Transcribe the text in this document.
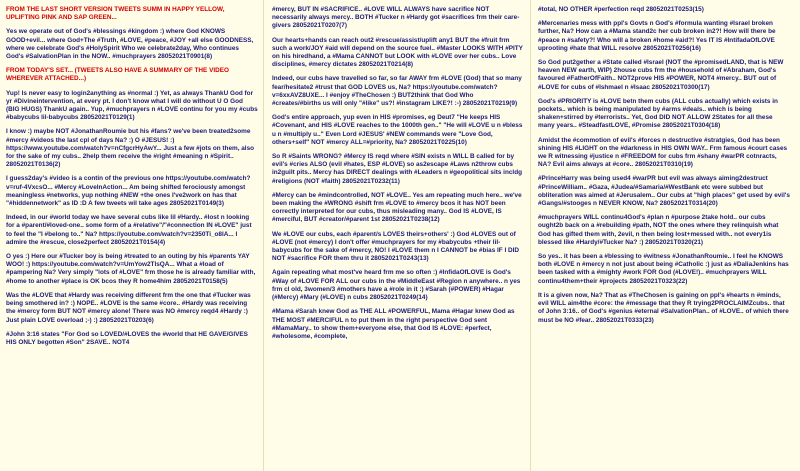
FROM THE LAST SHORT VERSION TWEETS SUMM IN HAPPY YELLOW, UPLIFTING PINK AND SAP GREEN...

Yes we operate out of God's #blessings #kingdom :) where God KNOWS GOOD+evil... where God+The #Truth, #LOVE, #peace, #JOY +all else GOODNESS, where we celebrate God's #HolySpirit Who we celebrate2day, Who continues God's #SalvationPlan in the NOW.. #muchprayers 28052021T0901(8)

FROM TODAY'S SET... (TWEETS ALSO HAVE A SUMMARY OF THE VIDEO WHEREVER ATTACHED...)

Yup! Is never easy to login2anything as #normal :) Yet, as always ThankU God for yr #Divineintervention, at every pt. I don't know what I will do without U O God (BIG HUGS) ThankU again.. Yup, #muchprayers n #LOVE continu for you my #cubs #babycubs lil-babycubs 28052021T0129(1)

I know :) maybe NOT #JonathanRoumie but his #fans? we've been treated2some #mercy #videos the last cpl of days Na? :) O #JESUS! :) https://www.youtube.com/watch?v=nCfgcrHyAwY... Just a few #jots on them, also for the sake of my cubs.. 2help them receive the #right #meaning n #Spirit.. 28052021T0136(2)

I guess2day's #video is a contin of the previous one https://youtube.com/watch?v=ruf-4VxcsO... #Mercy #LoveInAction... Am being shifted ferociously amongst meaningless #networks, yup nothing #NEW +the ones I've2work on has that "#hiddennetwork" as ID :D A few tweets wil take ages 28052021T0149(3)

Indeed, in our #world today we have several cubs like lil #Hardy.. #lost n looking for a #parent/#loved-one.. some form of a #relative"/"#connection IN #LOVE" just to feel the "I #belong to.." Na? https://youtube.com/watch?v=2350Ti_o8lA... I admire the #rescue, close2perfect 28052021T0154(4)

O yes :) Here our #Tucker boy is being #treated to an outing by his #parents YAY WOO! :) https://youtube.com/watch?v=UmYow2TlsQA... What a #load of #pampering Na? Very simply "lots of #LOVE" frm those he is already familiar with, #home to another #place is OK bcos they R home4him 28052021T0158(5)

Was the #LOVE that #Hardy was receiving different frm the one that #Tucker was being smothered in? :) NOPE.. #LOVE is the same #core.. #Hardy was receiving the #mercy form BUT NOT #mercy alone! There was NO #mercy reqd4 #Hardy :) Just plain LOVE overload ;-) :) 28052021T0203(6)

#John 3:16 states "For God so LOVED/#LOVES the #world that HE GAVE/GIVES HIS ONLY begotten #Son" 2SAVE.. NOT4

#mercy, BUT IN #SACRIFICE.. #LOVE WILL ALWAYS have sacrifice NOT necessarily always mercy.. BOTH #Tucker n #Hardy got #sacrifices frm their care-givers 28052021T0207(7)

Our hearts+hands can reach out2 #rescue/assist/uplift any1 BUT the #fruit frm such a work/JOY #aid will depend on the source fuel.. #Master LOOKS WITH #PITY on his hiredhand, a #Mama CANNOT but LOOK with #LOVE over her cubs.. Love disciplines, #mercy dictates 28052021T0214(8)

Indeed, our cubs have travelled so far, so far AWAY frm #LOVE (God) that so many fear/hesitate2 #trust that GOD LOVES us, Na? https://youtube.com/watch?v=6xxAVZ8UXE... I #enjoy #TheChosen :) BUT2think that God Who #creates/#births us will only "#like" us?! #instagram LIKE?! :-) 28052021T0219(9)

God's entire approach, yup even in HIS #promises, eg Deut7 "He keeps HIS #Covenant, and HIS #LOVE reaches to the 1000th gen.." "He will #LOVE u n #bless u n #multiply u.." Even Lord #JESUS' #NEW commands were "Love God, others+self" NOT #mercy ALL=#priority, Na? 28052021T0225(10)

So R #Saints WRONG? #Mercy IS reqd where #SIN exists n WILL B called for by evil's #cries ALSO (evil #hates, ESP #LOVE) so as2escape #Laws n2throw cubs in2guilt pits.. Mercy has DIRECT dealings with #Leaders n #geopolitical sits incldg #religions (NOT #faith) 28052021T0232(11)

#Mercy can be #mindcontrolled, NOT #LOVE.. Yes am repeating much here.. we've been making the #WRONG #shift frm #LOVE to #mercy bcos it has NOT been correctly interpreted for our cubs, thus misleading many.. God IS #LOVE, IS #merciful, BUT #creator/#parent 1st 28052021T0238(12)

We #LOVE our cubs, each #parent/s LOVES theirs+others' :) God #LOVES out of #LOVE (not #mercy) I don't offer #muchprayers for my #babycubs +their lil-babycubs for the sake of #mercy, NO! I #LOVE them n I CANNOT be #bias IF I DID NOT #sacrifice FOR them thru it 28052021T0243(13)

Again repeating what most've heard frm me so often :) #InfidaOfLOVE is God's #Way of #LOVE FOR ALL our cubs in the #MiddleEast #Region n anywhere.. n yes frm cl old, 3women/3 #mothers have a #role in it :) #Sarah (#POWER) #Hagar (#Mercy) #Mary (#LOVE) n cubs 28052021T0249(14)

#Mama #Sarah knew God as THE ALL #POWERFUL, Mama #Hagar knew God as THE MOST #MERCIFUL n to put them in the right perspective God sent #MamaMary.. to show them+everyone else, that God IS #LOVE: #perfect, #wholesome, #complete,

#total, NO OTHER #perfection reqd 28052021T0253(15)

#Mercenaries mess with ppl's Govts n God's #formula wanting #Israel broken further, Na? How can a #Mama stand2c her cub broken in2?! How will there be #peace n #safety?! Who will a broken #home #aid?! Yes IT IS #IntifadaOfLOVE uprooting #hate that WILL resolve 28052021T0256(16)

So God put2gether a #State called #Israel (NOT the #promisedLAND, that is NEW heaven NEW earth, WIP) 2house cubs frm the #household of #Abraham, God's favoured #FatherOfFaith.. NOT2prove HIS #POWER, NOT4 #mercy.. BUT out of #LOVE for cubs of #Ishmael n #Isaac 28052021T0300(17)

God's #PRIORITY is #LOVE betn them cubs (ALL cubs actually) which exists in pockets.. which is being manipulated by #arms #deals.. which is being shaken+stirred by #terrorists.. Yet, God DID NOT ALLOW 2States for all these many years.. #SteadfastLOVE, #Promise 28052021T0304(18)

Amidst the #commotion of evil's #forces n destructive #stratgies, God has been shining HIS #LIGHT on the #darkness in HIS OWN WAY.. Frm famous #court cases we R witnessing #justice n #FREEDOM for cubs frm #shany #warPR cotnracts, NA? Evil aims always at #core.. 28052021T0310(19)

#PrinceHarry was being used4 #warPR but evil was always aiming2destruct #PrinceWilliam.. #Gaza, #Judea/#Samaria/#WestBank etc were subbed but obliteration was aimed at #Jerusalem.. Our cubs at "high places" get used by evil's #Gangs/#stooges n NEVER KNOW, Na? 28052021T0314(20)

#muchprayers WILL continu4God's #plan n #purpose 2take hold.. our cubs ought2b back on a #rebuilding #path, NOT the ones where they relinquish what God has gifted them with, 2evil, n then being lost+messed with.. not every1is blessed like #Hardy/#Tucker Na? :) 28052021T0320(21)

So yes.. it has been a #blessing to #witness #JonathanRoumie.. I feel he KNOWS both #LOVE n #mercy n not just about being #Catholic :) just as #DaliaJenkins has been tasked with a #mighty #work FOR God (#LOVE!).. #muchprayers WILL continu4them+their #projects 28052021T0323(22)

It is a given now, Na? That as #TheChosen is gaining on ppl's #hearts n #minds, evil WILL aim4the #core: the #message that they R trying2PROCLAIMZcubs.. that of John 3:16.. of God's #genius #eternal #SalvationPlan.. of #LOVE.. of which there must be NO #fear.. 28052021T0333(23)
